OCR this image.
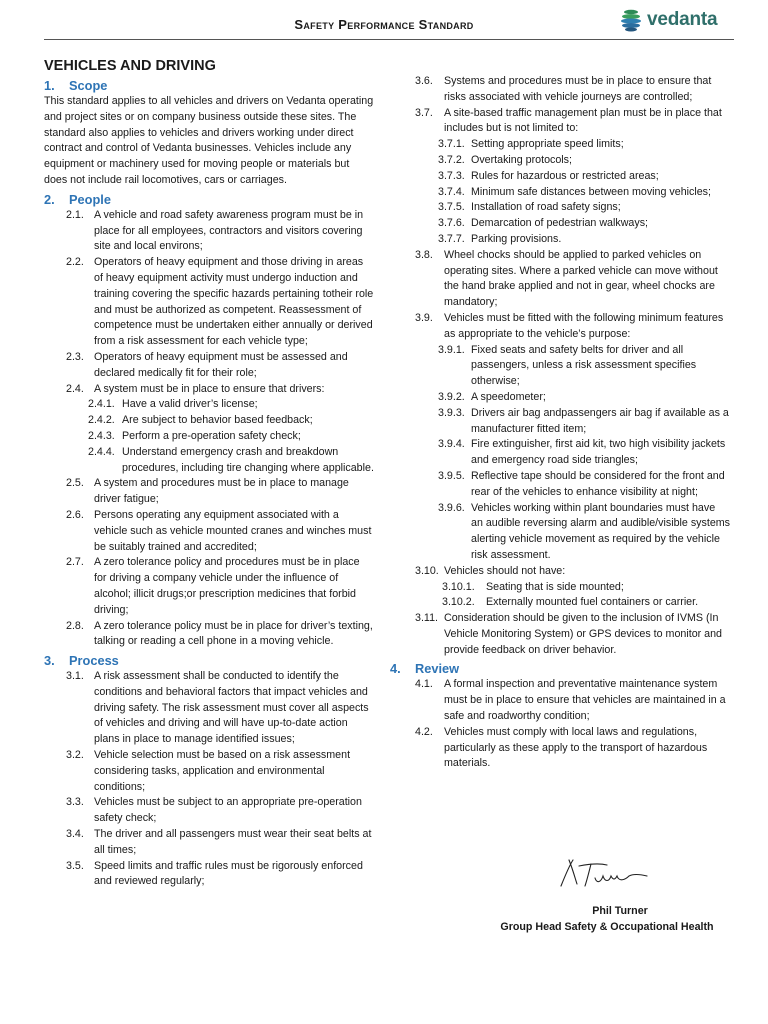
Safety Performance Standard	vedanta
VEHICLES AND DRIVING
1. Scope

This standard applies to all vehicles and drivers on Vedanta operating and project sites or on company business outside these sites. The standard also applies to vehicles and drivers working under direct contract and control of Vedanta businesses. Vehicles include any equipment or machinery used for moving people or materials but does not include rail locomotives, cars or carriages.

2. People
2.1. A vehicle and road safety awareness program must be in place for all employees, contractors and visitors covering site and local environs;
2.2. Operators of heavy equipment and those driving in areas of heavy equipment activity must undergo induction and training covering the specific hazards pertaining totheir role and must be authorized as competent. Reassessment of competence must be undertaken either annually or derived from a risk assessment for each vehicle type;
2.3. Operators of heavy equipment must be assessed and declared medically fit for their role;
2.4. A system must be in place to ensure that drivers:
2.4.1. Have a valid driver’s license;
2.4.2. Are subject to behavior based feedback;
2.4.3. Perform a pre-operation safety check;
2.4.4. Understand emergency crash and breakdown procedures, including tire changing where applicable.
2.5. A system and procedures must be in place to manage driver fatigue;
2.6. Persons operating any equipment associated with a vehicle such as vehicle mounted cranes and winches must be suitably trained and accredited;
2.7. A zero tolerance policy and procedures must be in place for driving a company vehicle under the influence of alcohol; illicit drugs;or prescription medicines that forbid driving;
2.8. A zero tolerance policy must be in place for driver’s texting, talking or reading a cell phone in a moving vehicle.
3. Process
3.1. A risk assessment shall be conducted to identify the conditions and behavioral factors that impact vehicles and driving safety. The risk assessment must cover all aspects of vehicles and driving and will have up-to-date action plans in place to manage identified issues;
3.2. Vehicle selection must be based on a risk assessment considering tasks, application and environmental conditions;
3.3. Vehicles must be subject to an appropriate pre-operation safety check;
3.4. The driver and all passengers must wear their seat belts at all times;
3.5. Speed limits and traffic rules must be rigorously enforced and reviewed regularly;
3.6.	Systems and procedures must be in place to ensure that risks associated with vehicle journeys are controlled;
3.7.	A site-based traffic management plan must be in place that includes but is not limited to:
3.7.1. Setting appropriate speed limits;
3.7.2. Overtaking protocols;
3.7.3. Rules for hazardous or restricted areas;
3.7.4. Minimum safe distances between moving vehicles;
3.7.5. Installation of road safety signs;
3.7.6. Demarcation of pedestrian walkways;
3.7.7. Parking provisions.
3.8.	Wheel chocks should be applied to parked vehicles on operating sites. Where a parked vehicle can move without the hand brake applied and not in gear, wheel chocks are mandatory;
3.9.	Vehicles must be fitted with the following minimum features as appropriate to the vehicle’s purpose:
3.9.1. Fixed seats and safety belts for driver and all passengers, unless a risk assessment specifies otherwise;
3.9.2. A speedometer;
3.9.3. Drivers air bag andpassengers air bag if available as a manufacturer fitted item;
3.9.4. Fire extinguisher, first aid kit, two high visibility jackets and emergency road side triangles;
3.9.5. Reflective tape should be considered for the front and rear of the vehicles to enhance visibility at night;
3.9.6. Vehicles working within plant boundaries must have an audible reversing alarm and audible/visible systems alerting vehicle movement as required by the vehicle risk assessment.
3.10. Vehicles should not have:
3.10.1.	Seating that is side mounted;
3.10.2.	Externally mounted fuel containers or carrier.
3.11. Consideration should be given to the inclusion of IVMS (In Vehicle Monitoring System) or GPS devices to monitor and provide feedback on driver behavior.
4. Review
4.1.	A formal inspection and preventative maintenance system must be in place to ensure that vehicles are maintained in a safe and roadworthy condition;
4.2.	Vehicles must comply with local laws and regulations, particularly as these apply to the transport of hazardous materials.
Phil Turner
Group Head Safety & Occupational Health
